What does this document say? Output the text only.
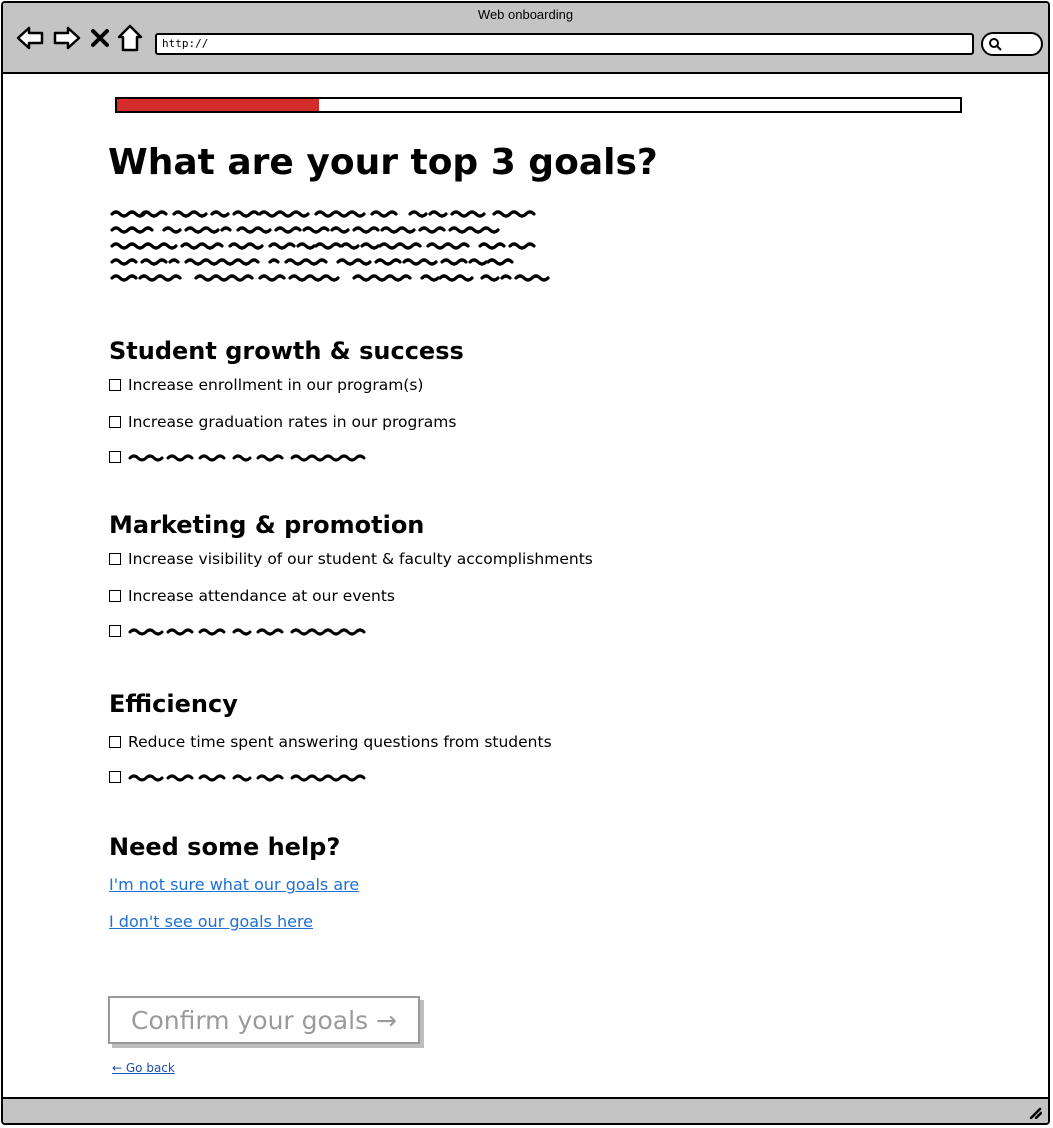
Web onboarding
http://
What are your top 3 goals?
Student growth & success
Increase enrollment in our program(s)
Increase graduation rates in our programs
Marketing & promotion
Increase visibility of our student & faculty accomplishments
Increase attendance at our events
Efficiency
Reduce time spent answering questions from students
Need some help?
I'm not sure what our goals are
I don't see our goals here
Confirm your goals →
← Go back
